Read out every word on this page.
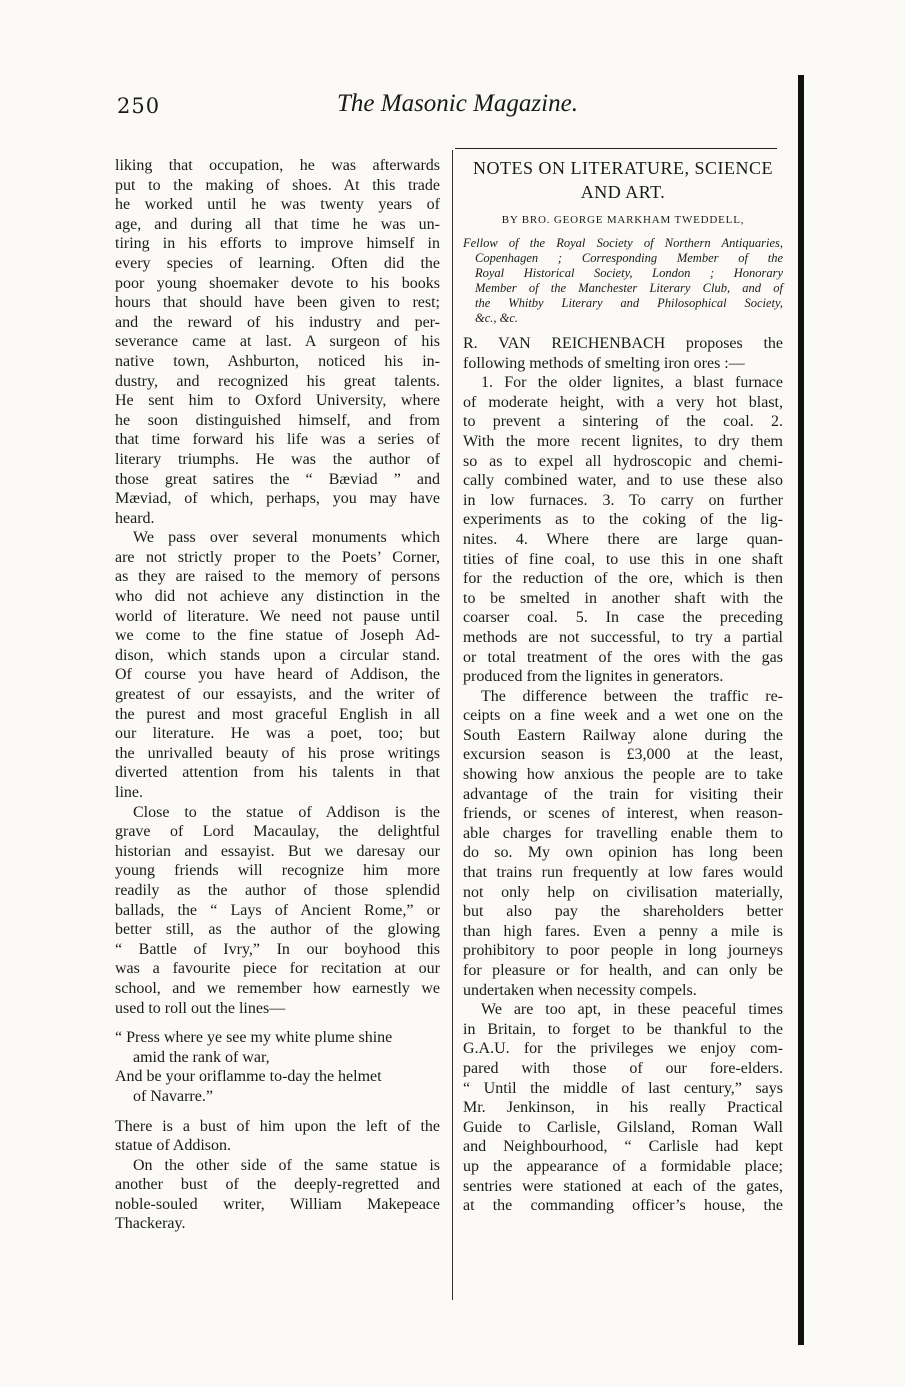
250	The Masonic Magazine.
liking that occupation, he was afterwards
put to the making of shoes. At this trade
he worked until he was twenty years of
age, and during all that time he was un-
tiring in his efforts to improve himself in
every species of learning. Often did the
poor young shoemaker devote to his books
hours that should have been given to rest;
and the reward of his industry and per-
severance came at last. A surgeon of his
native town, Ashburton, noticed his in-
dustry, and recognized his great talents.
He sent him to Oxford University, where
he soon distinguished himself, and from
that time forward his life was a series of
literary triumphs. He was the author of
those great satires the “ Bæviad ” and
Mæviad, of which, perhaps, you may have
heard.
We pass over several monuments which
are not strictly proper to the Poets’ Corner,
as they are raised to the memory of persons
who did not achieve any distinction in the
world of literature. We need not pause until
we come to the fine statue of Joseph Ad-
dison, which stands upon a circular stand.
Of course you have heard of Addison, the
greatest of our essayists, and the writer of
the purest and most graceful English in all
our literature. He was a poet, too; but
the unrivalled beauty of his prose writings
diverted attention from his talents in that
line.
Close to the statue of Addison is the
grave of Lord Macaulay, the delightful
historian and essayist. But we daresay our
young friends will recognize him more
readily as the author of those splendid
ballads, the “ Lays of Ancient Rome,” or
better still, as the author of the glowing
“ Battle of Ivry,” In our boyhood this
was a favourite piece for recitation at our
school, and we remember how earnestly we
used to roll out the lines—
“ Press where ye see my white plume shine
amid the rank of war,
And be your oriflamme to-day the helmet
of Navarre.”
There is a bust of him upon the left of the
statue of Addison.
On the other side of the same statue is
another bust of the deeply-regretted and
noble-souled writer, William Makepeace
Thackeray.
NOTES ON LITERATURE, SCIENCE
AND ART.
BY BRO. GEORGE MARKHAM TWEDDELL,
Fellow of the Royal Society of Northern Antiquaries,
Copenhagen ; Corresponding Member of the
Royal Historical Society, London ; Honorary
Member of the Manchester Literary Club, and of
the Whitby Literary and Philosophical Society,
&c., &c.
R. VAN REICHENBACH proposes the
following methods of smelting iron ores :—
1. For the older lignites, a blast furnace
of moderate height, with a very hot blast,
to prevent a sintering of the coal. 2.
With the more recent lignites, to dry them
so as to expel all hydroscopic and chemi-
cally combined water, and to use these also
in low furnaces. 3. To carry on further
experiments as to the coking of the lig-
nites. 4. Where there are large quan-
tities of fine coal, to use this in one shaft
for the reduction of the ore, which is then
to be smelted in another shaft with the
coarser coal. 5. In case the preceding
methods are not successful, to try a partial
or total treatment of the ores with the gas
produced from the lignites in generators.
The difference between the traffic re-
ceipts on a fine week and a wet one on the
South Eastern Railway alone during the
excursion season is £3,000 at the least,
showing how anxious the people are to take
advantage of the train for visiting their
friends, or scenes of interest, when reason-
able charges for travelling enable them to
do so. My own opinion has long been
that trains run frequently at low fares would
not only help on civilisation materially,
but also pay the shareholders better
than high fares. Even a penny a mile is
prohibitory to poor people in long journeys
for pleasure or for health, and can only be
undertaken when necessity compels.
We are too apt, in these peaceful times
in Britain, to forget to be thankful to the
G.A.U. for the privileges we enjoy com-
pared with those of our fore-elders.
“ Until the middle of last century,” says
Mr. Jenkinson, in his really Practical
Guide to Carlisle, Gilsland, Roman Wall
and Neighbourhood, “ Carlisle had kept
up the appearance of a formidable place;
sentries were stationed at each of the gates,
at the commanding officer’s house, the
